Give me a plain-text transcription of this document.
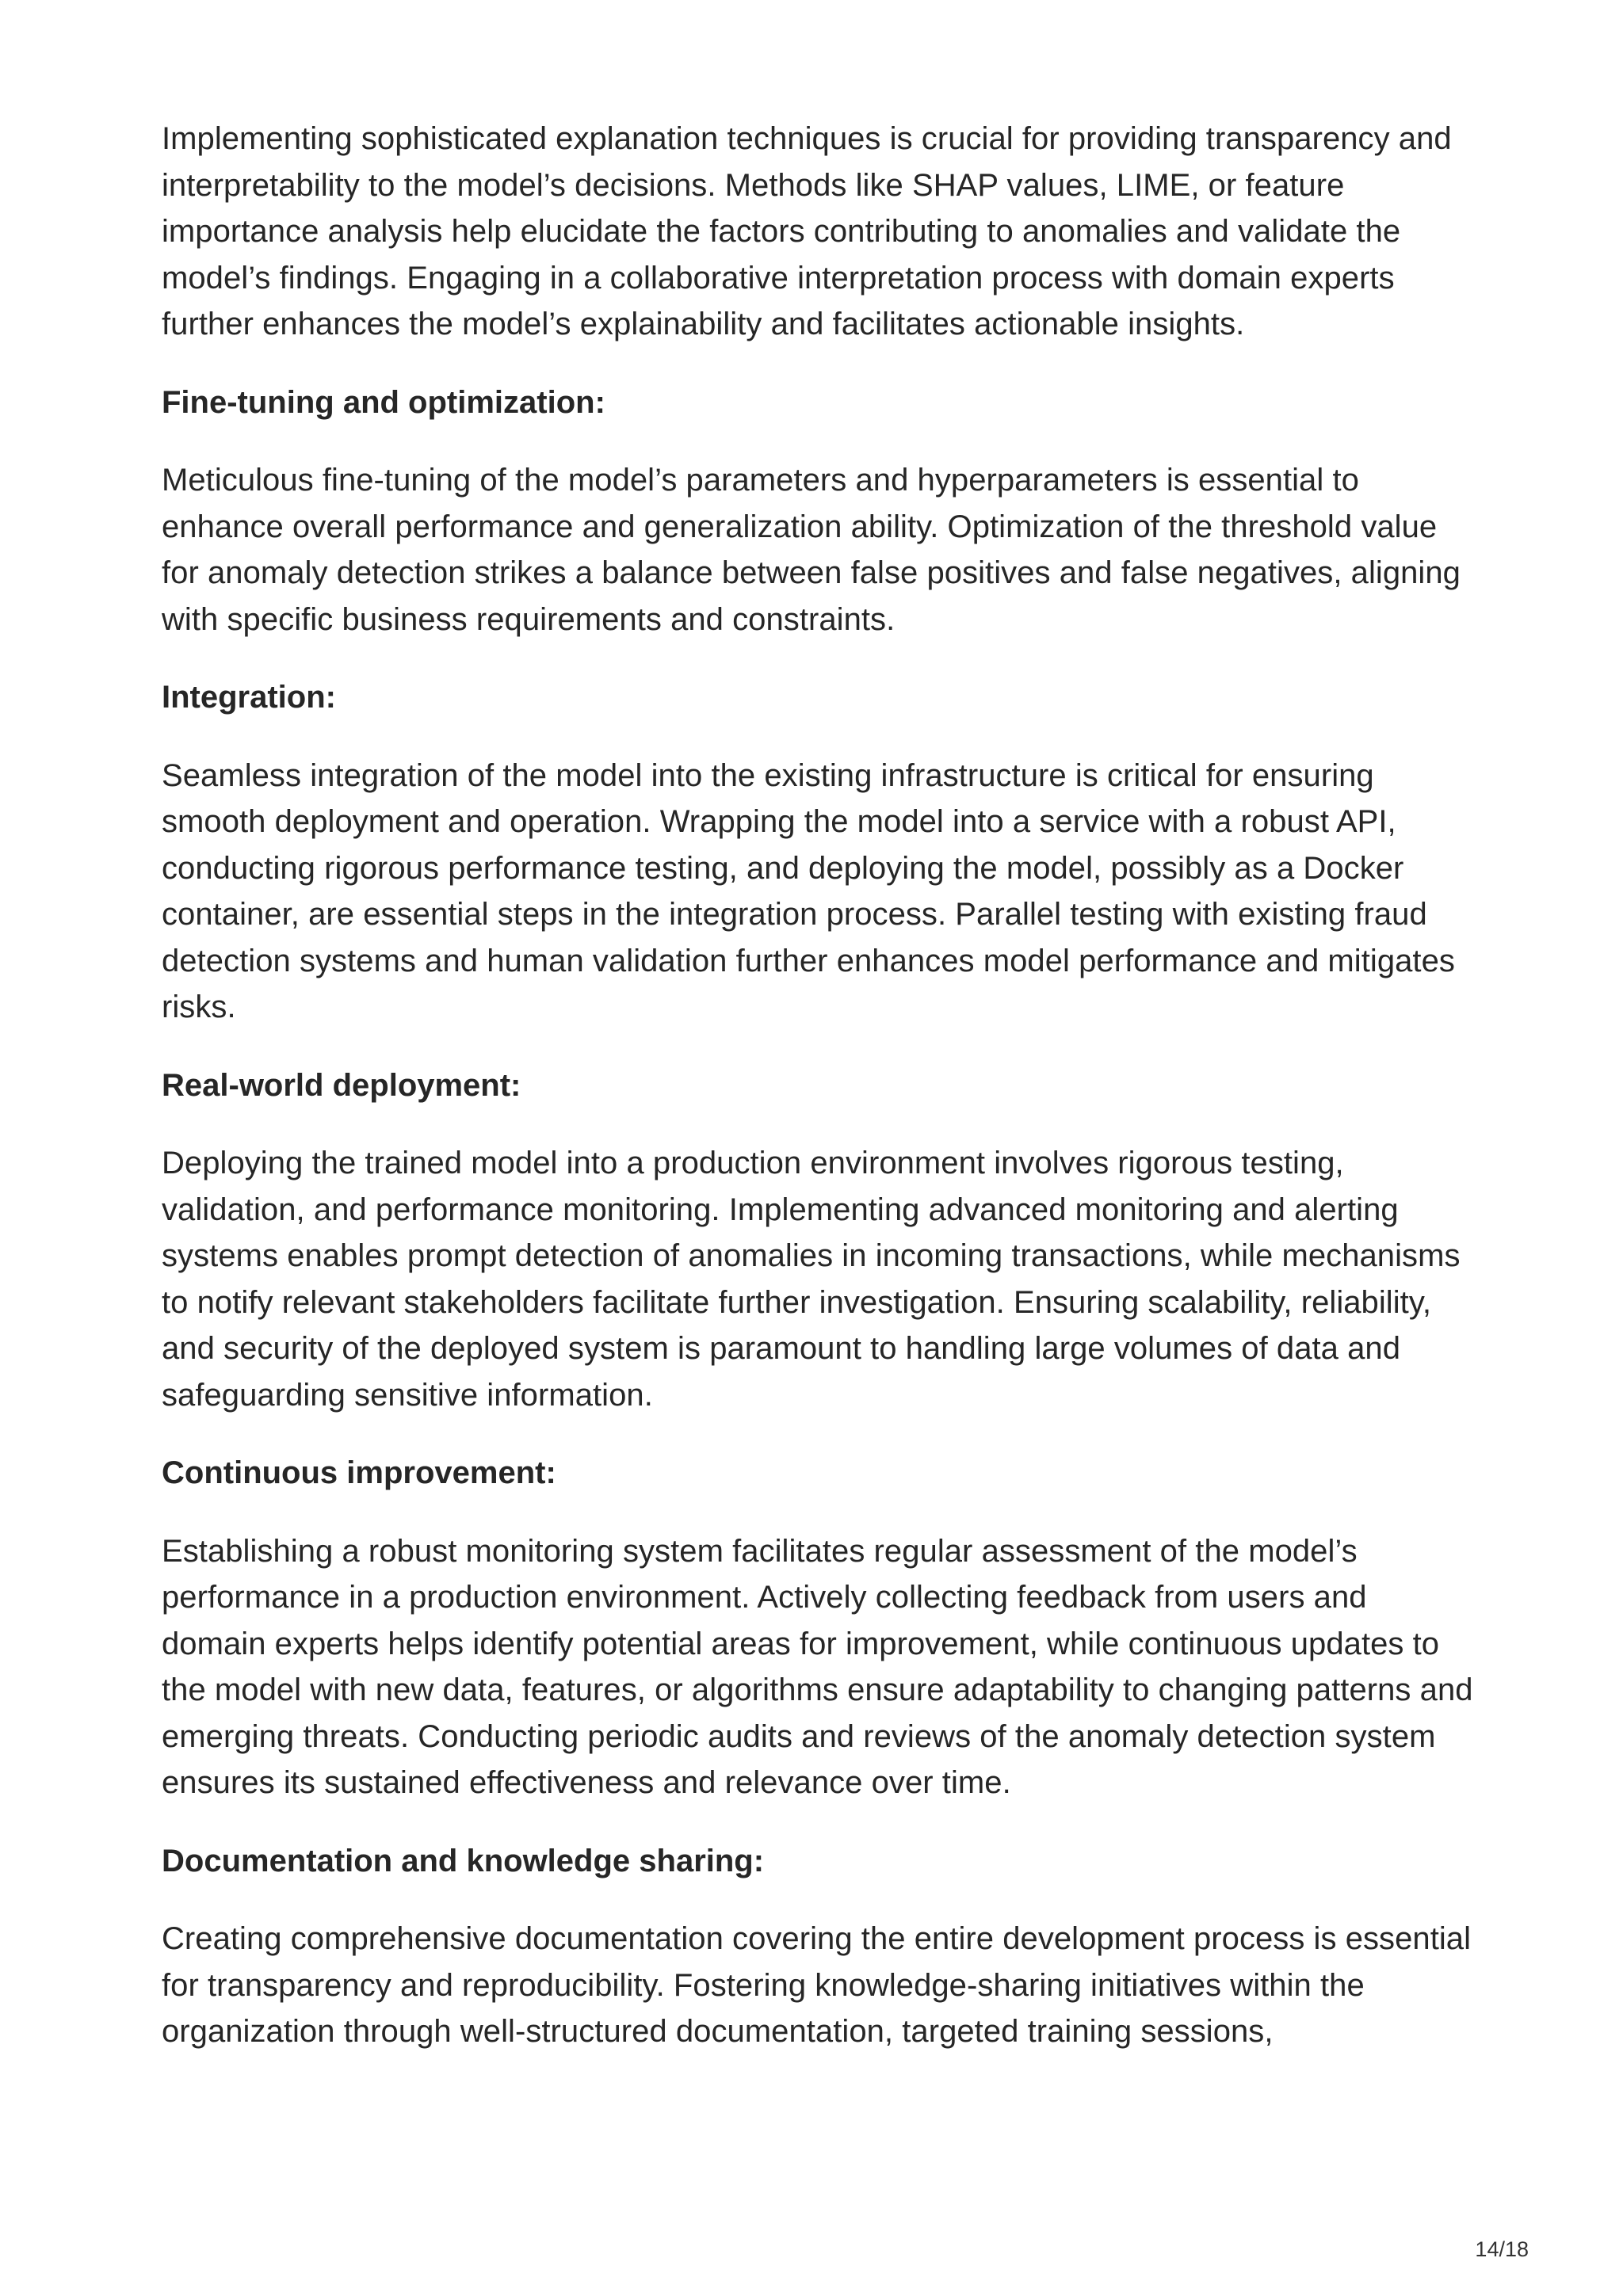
Implementing sophisticated explanation techniques is crucial for providing transparency and interpretability to the model’s decisions. Methods like SHAP values, LIME, or feature importance analysis help elucidate the factors contributing to anomalies and validate the model’s findings. Engaging in a collaborative interpretation process with domain experts further enhances the model’s explainability and facilitates actionable insights.

Fine-tuning and optimization:

Meticulous fine-tuning of the model’s parameters and hyperparameters is essential to enhance overall performance and generalization ability. Optimization of the threshold value for anomaly detection strikes a balance between false positives and false negatives, aligning with specific business requirements and constraints.

Integration:

Seamless integration of the model into the existing infrastructure is critical for ensuring smooth deployment and operation. Wrapping the model into a service with a robust API, conducting rigorous performance testing, and deploying the model, possibly as a Docker container, are essential steps in the integration process. Parallel testing with existing fraud detection systems and human validation further enhances model performance and mitigates risks.

Real-world deployment:

Deploying the trained model into a production environment involves rigorous testing, validation, and performance monitoring. Implementing advanced monitoring and alerting systems enables prompt detection of anomalies in incoming transactions, while mechanisms to notify relevant stakeholders facilitate further investigation. Ensuring scalability, reliability, and security of the deployed system is paramount to handling large volumes of data and safeguarding sensitive information.

Continuous improvement:

Establishing a robust monitoring system facilitates regular assessment of the model’s performance in a production environment. Actively collecting feedback from users and domain experts helps identify potential areas for improvement, while continuous updates to the model with new data, features, or algorithms ensure adaptability to changing patterns and emerging threats. Conducting periodic audits and reviews of the anomaly detection system ensures its sustained effectiveness and relevance over time.

Documentation and knowledge sharing:

Creating comprehensive documentation covering the entire development process is essential for transparency and reproducibility. Fostering knowledge-sharing initiatives within the organization through well-structured documentation, targeted training sessions,

14/18
